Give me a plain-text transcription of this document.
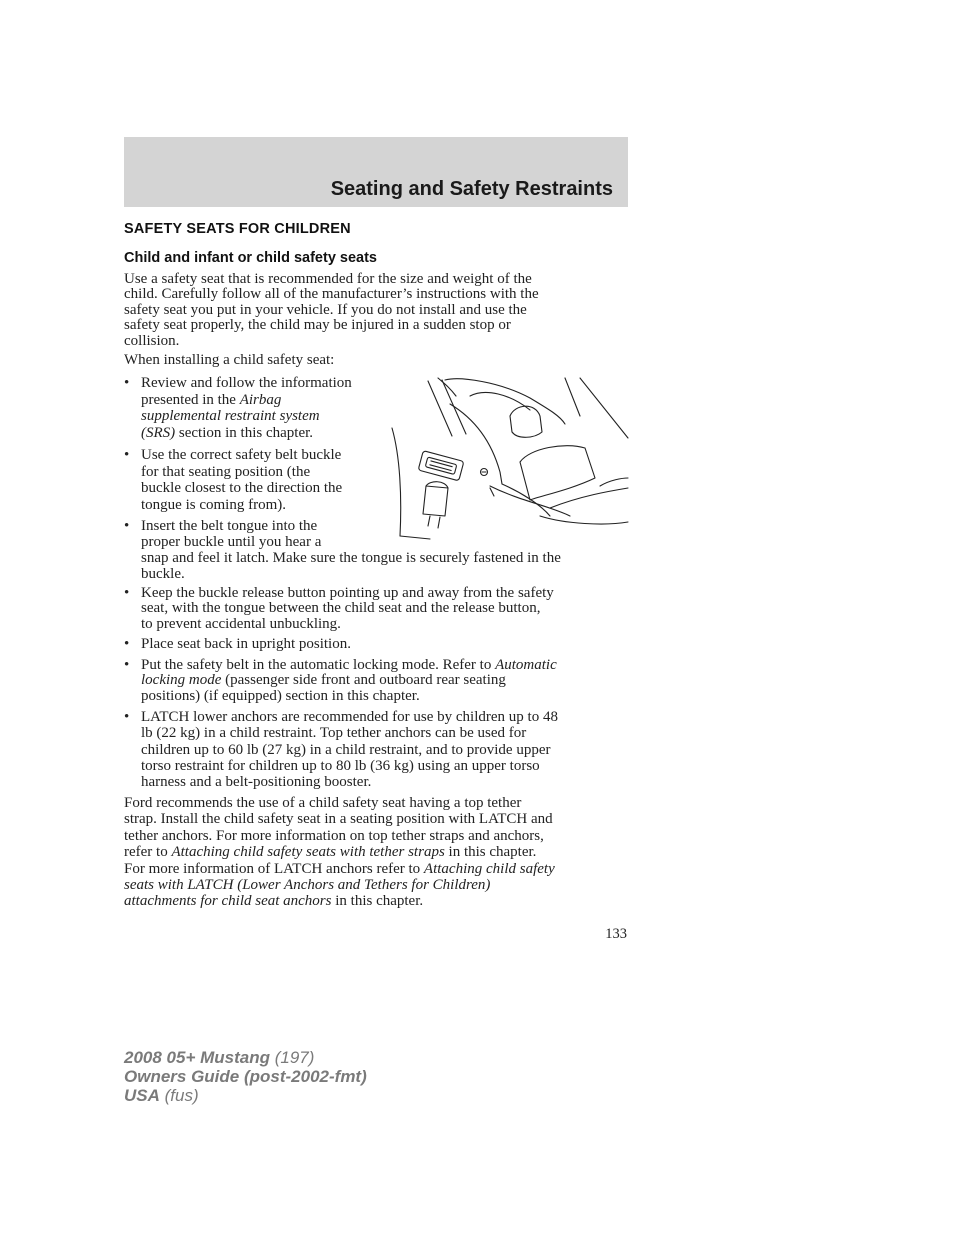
Seating and Safety Restraints
SAFETY SEATS FOR CHILDREN
Child and infant or child safety seats
Use a safety seat that is recommended for the size and weight of the
child. Carefully follow all of the manufacturer’s instructions with the
safety seat you put in your vehicle. If you do not install and use the
safety seat properly, the child may be injured in a sudden stop or
collision.
When installing a child safety seat:
• Review and follow the information
presented in the Airbag
supplemental restraint system
(SRS) section in this chapter.
• Use the correct safety belt buckle
for that seating position (the
buckle closest to the direction the
tongue is coming from).
• Insert the belt tongue into the
proper buckle until you hear a
snap and feel it latch. Make sure the tongue is securely fastened in the
buckle.
• Keep the buckle release button pointing up and away from the safety
seat, with the tongue between the child seat and the release button,
to prevent accidental unbuckling.
• Place seat back in upright position.
• Put the safety belt in the automatic locking mode. Refer to Automatic
locking mode (passenger side front and outboard rear seating
positions) (if equipped) section in this chapter.
• LATCH lower anchors are recommended for use by children up to 48
lb (22 kg) in a child restraint. Top tether anchors can be used for
children up to 60 lb (27 kg) in a child restraint, and to provide upper
torso restraint for children up to 80 lb (36 kg) using an upper torso
harness and a belt-positioning booster.
Ford recommends the use of a child safety seat having a top tether
strap. Install the child safety seat in a seating position with LATCH and
tether anchors. For more information on top tether straps and anchors,
refer to Attaching child safety seats with tether straps in this chapter.
For more information of LATCH anchors refer to Attaching child safety
seats with LATCH (Lower Anchors and Tethers for Children)
attachments for child seat anchors in this chapter.
133
2008 05+ Mustang (197)
Owners Guide (post-2002-fmt)
USA (fus)
